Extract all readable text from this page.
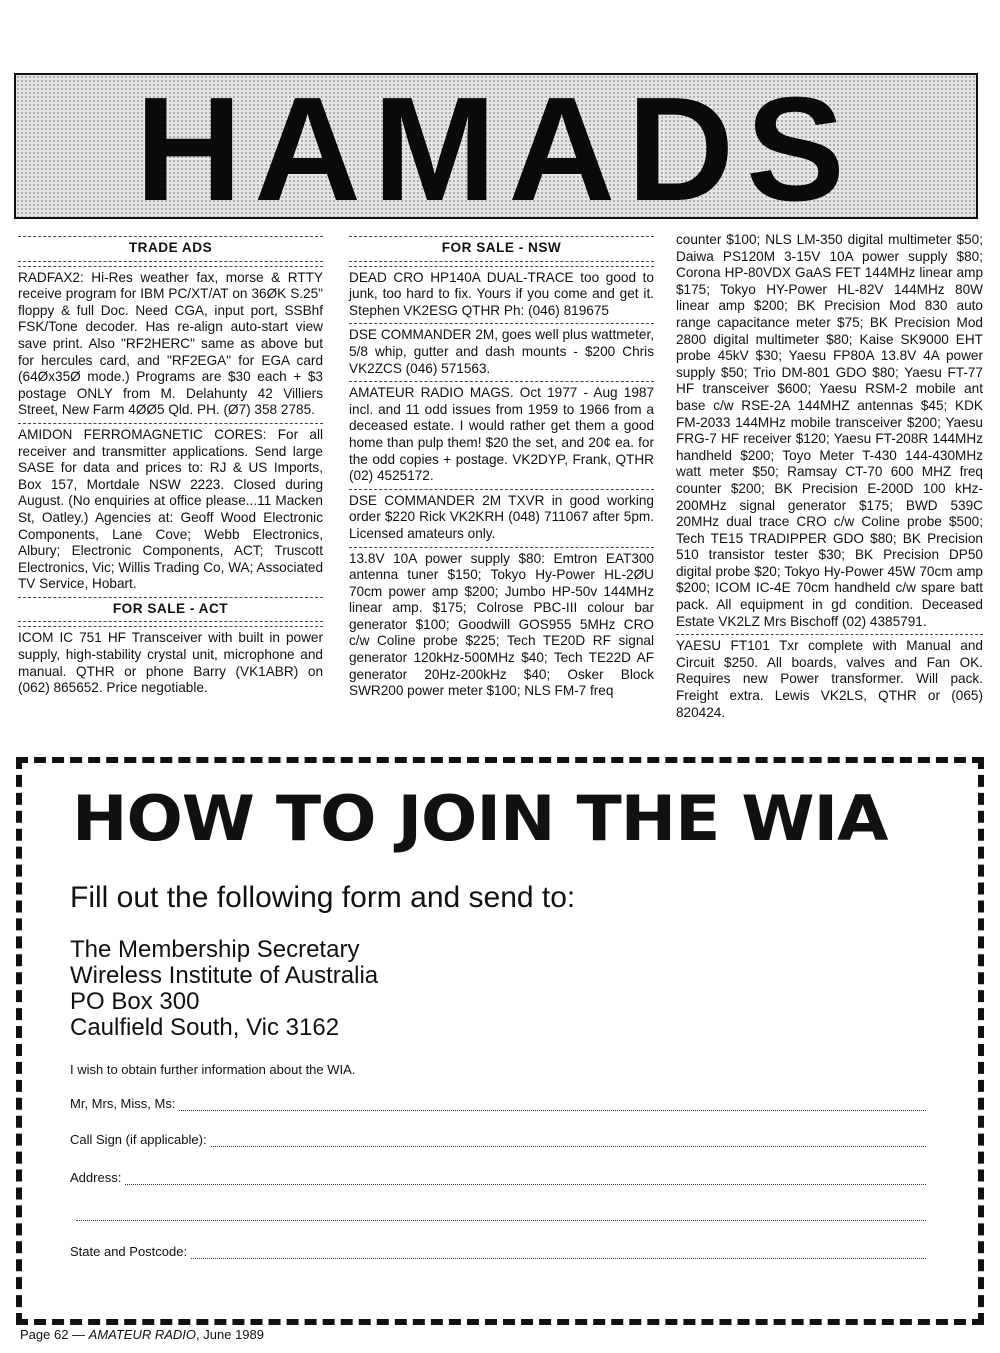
HAMADS
TRADE ADS
RADFAX2: Hi-Res weather fax, morse & RTTY receive program for IBM PC/XT/AT on 36ØK S.25" floppy & full Doc. Need CGA, input port, SSBhf FSK/Tone decoder. Has re-align auto-start view save print. Also "RF2HERC" same as above but for hercules card, and "RF2EGA" for EGA card (64Øx35Ø mode.) Programs are $30 each + $3 postage ONLY from M. Delahunty 42 Villiers Street, New Farm 4ØØ5 Qld. PH. (Ø7) 358 2785.
AMIDON FERROMAGNETIC CORES: For all receiver and transmitter applications. Send large SASE for data and prices to: RJ & US Imports, Box 157, Mortdale NSW 2223. Closed during August. (No enquiries at office please...11 Macken St, Oatley.) Agencies at: Geoff Wood Electronic Components, Lane Cove; Webb Electronics, Albury; Electronic Components, ACT; Truscott Electronics, Vic; Willis Trading Co, WA; Associated TV Service, Hobart.
FOR SALE - ACT
ICOM IC 751 HF Transceiver with built in power supply, high-stability crystal unit, microphone and manual. QTHR or phone Barry (VK1ABR) on (062) 865652. Price negotiable.
FOR SALE - NSW
DEAD CRO HP140A DUAL-TRACE too good to junk, too hard to fix. Yours if you come and get it. Stephen VK2ESG QTHR Ph: (046) 819675
DSE COMMANDER 2M, goes well plus wattmeter, 5/8 whip, gutter and dash mounts - $200 Chris VK2ZCS (046) 571563.
AMATEUR RADIO MAGS. Oct 1977 - Aug 1987 incl. and 11 odd issues from 1959 to 1966 from a deceased estate. I would rather get them a good home than pulp them! $20 the set, and 20¢ ea. for the odd copies + postage. VK2DYP, Frank, QTHR (02) 4525172.
DSE COMMANDER 2M TXVR in good working order $220 Rick VK2KRH (048) 711067 after 5pm. Licensed amateurs only.
13.8V 10A power supply $80: Emtron EAT300 antenna tuner $150; Tokyo Hy-Power HL-2ØU 70cm power amp $200; Jumbo HP-50v 144MHz linear amp. $175; Colrose PBC-III colour bar generator $100; Goodwill GOS955 5MHz CRO c/w Coline probe $225; Tech TE20D RF signal generator 120kHz-500MHz $40; Tech TE22D AF generator 20Hz-200kHz $40; Osker Block SWR200 power meter $100; NLS FM-7 freq
counter $100; NLS LM-350 digital multimeter $50; Daiwa PS120M 3-15V 10A power supply $80; Corona HP-80VDX GaAS FET 144MHz linear amp $175; Tokyo HY-Power HL-82V 144MHz 80W linear amp $200; BK Precision Mod 830 auto range capacitance meter $75; BK Precision Mod 2800 digital multimeter $80; Kaise SK9000 EHT probe 45kV $30; Yaesu FP80A 13.8V 4A power supply $50; Trio DM-801 GDO $80; Yaesu FT-77 HF transceiver $600; Yaesu RSM-2 mobile ant base c/w RSE-2A 144MHZ antennas $45; KDK FM-2033 144MHz mobile transceiver $200; Yaesu FRG-7 HF receiver $120; Yaesu FT-208R 144MHz handheld $200; Toyo Meter T-430 144-430MHz watt meter $50; Ramsay CT-70 600 MHZ freq counter $200; BK Precision E-200D 100 kHz-200MHz signal generator $175; BWD 539C 20MHz dual trace CRO c/w Coline probe $500; Tech TE15 TRADIPPER GDO $80; BK Precision 510 transistor tester $30; BK Precision DP50 digital probe $20; Tokyo Hy-Power 45W 70cm amp $200; ICOM IC-4E 70cm handheld c/w spare batt pack. All equipment in gd condition. Deceased Estate VK2LZ Mrs Bischoff (02) 4385791.
YAESU FT101 Txr complete with Manual and Circuit $250. All boards, valves and Fan OK. Requires new Power transformer. Will pack. Freight extra. Lewis VK2LS, QTHR or (065) 820424.
HOW TO JOIN THE WIA
Fill out the following form and send to:
The Membership Secretary
Wireless Institute of Australia
PO Box 300
Caulfield South, Vic 3162
I wish to obtain further information about the WIA.
Mr, Mrs, Miss, Ms:
Call Sign (if applicable):
Address:
State and Postcode:
Page 62 — AMATEUR RADIO, June 1989
